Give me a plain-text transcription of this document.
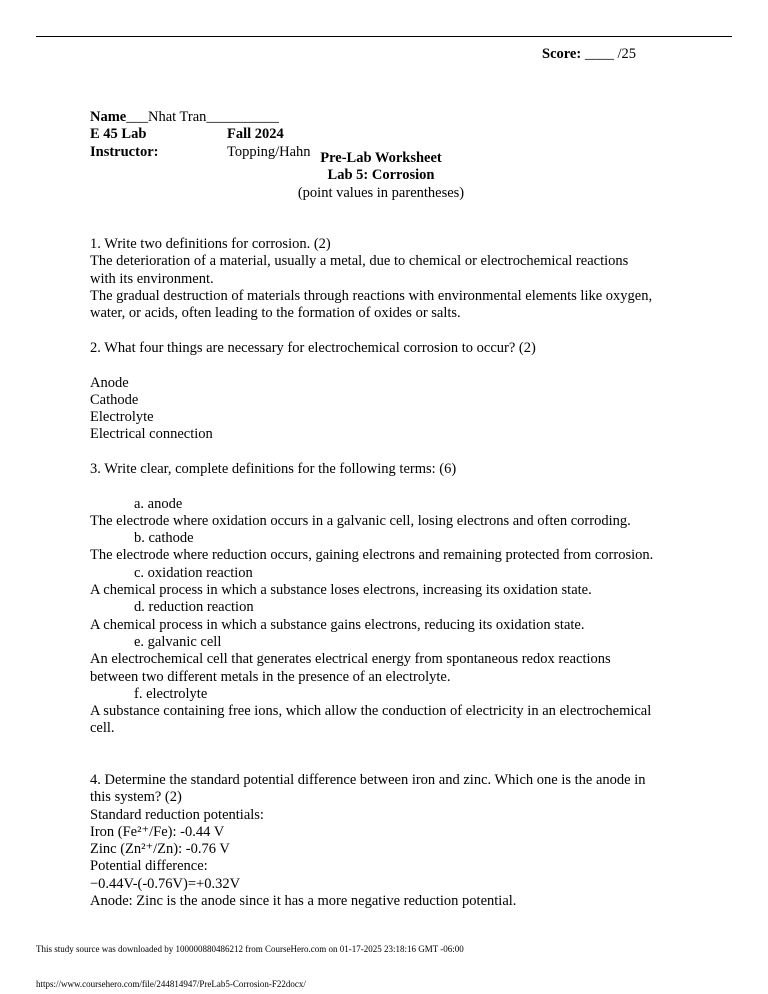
Score: ____ /25
Name___Nhat Tran__________
E 45 Lab	Fall 2024
Instructor:	Topping/Hahn Pre-Lab Worksheet
Lab 5: Corrosion
(point values in parentheses)
1. Write two definitions for corrosion. (2)
The deterioration of a material, usually a metal, due to chemical or electrochemical reactions
with its environment.
The gradual destruction of materials through reactions with environmental elements like oxygen,
water, or acids, often leading to the formation of oxides or salts.
2. What four things are necessary for electrochemical corrosion to occur? (2)
Anode
Cathode
Electrolyte
Electrical connection
3. Write clear, complete definitions for the following terms: (6)
a. anode
The electrode where oxidation occurs in a galvanic cell, losing electrons and often corroding.
b. cathode
The electrode where reduction occurs, gaining electrons and remaining protected from corrosion.
c. oxidation reaction
A chemical process in which a substance loses electrons, increasing its oxidation state.
d. reduction reaction
A chemical process in which a substance gains electrons, reducing its oxidation state.
e. galvanic cell
An electrochemical cell that generates electrical energy from spontaneous redox reactions
between two different metals in the presence of an electrolyte.
f. electrolyte
A substance containing free ions, which allow the conduction of electricity in an electrochemical
cell.
4. Determine the standard potential difference between iron and zinc. Which one is the anode in
this system? (2)
Standard reduction potentials:
Iron (Fe²⁺/Fe): -0.44 V
Zinc (Zn²⁺/Zn): -0.76 V
Potential difference:
−0.44V-(-0.76V)=+0.32V
Anode: Zinc is the anode since it has a more negative reduction potential.
This study source was downloaded by 100000880486212 from CourseHero.com on 01-17-2025 23:18:16 GMT -06:00
https://www.coursehero.com/file/244814947/PreLab5-Corrosion-F22docx/
